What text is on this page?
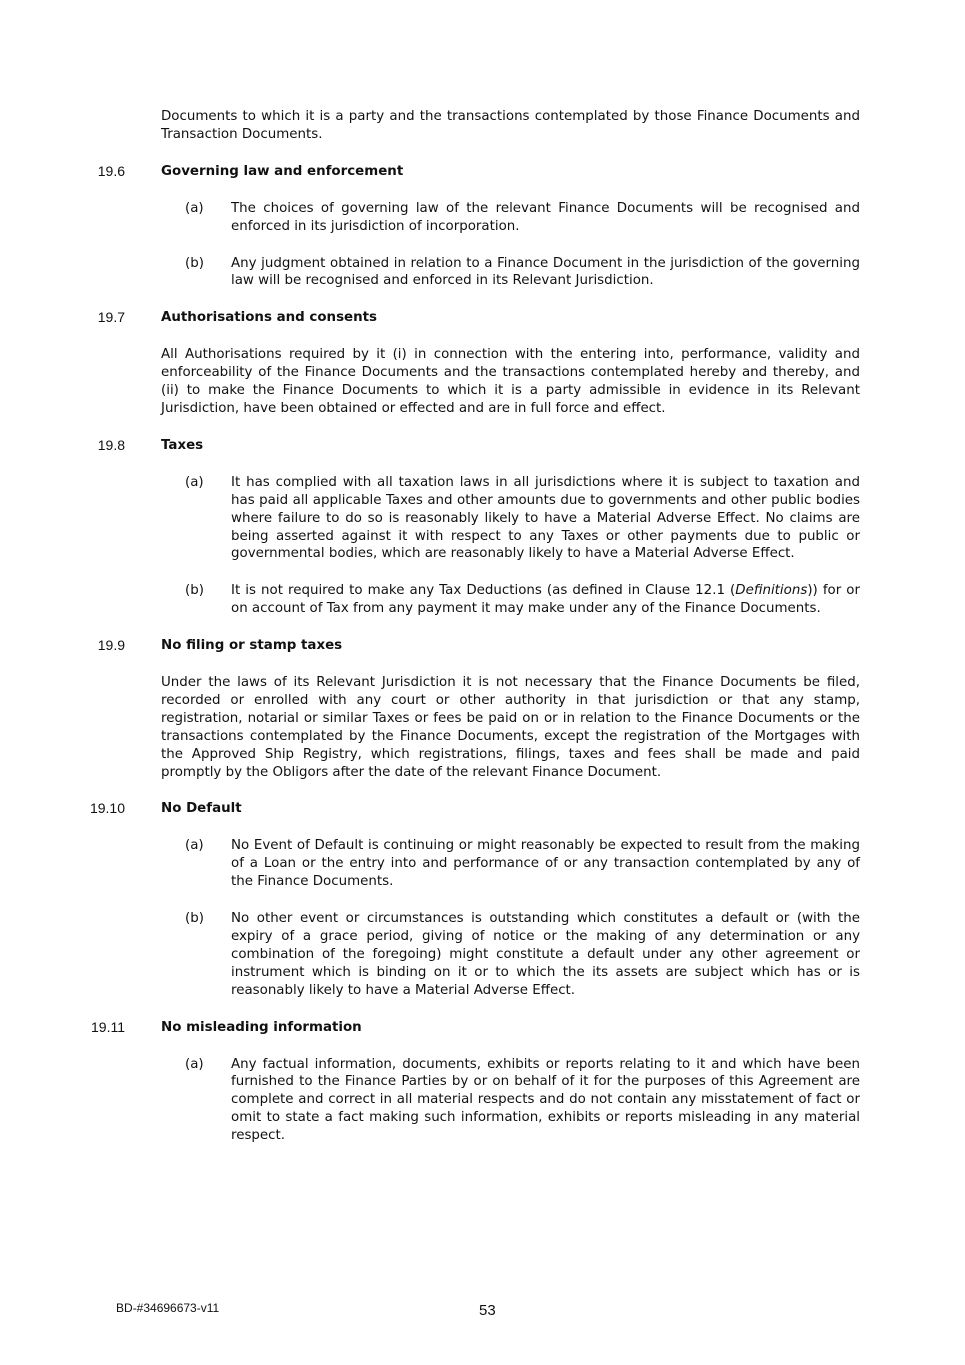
Documents to which it is a party and the transactions contemplated by those Finance Documents and Transaction Documents.
19.6	Governing law and enforcement
(a) The choices of governing law of the relevant Finance Documents will be recognised and enforced in its jurisdiction of incorporation.
(b) Any judgment obtained in relation to a Finance Document in the jurisdiction of the governing law will be recognised and enforced in its Relevant Jurisdiction.
19.7	Authorisations and consents
All Authorisations required by it (i) in connection with the entering into, performance, validity and enforceability of the Finance Documents and the transactions contemplated hereby and thereby, and (ii) to make the Finance Documents to which it is a party admissible in evidence in its Relevant Jurisdiction, have been obtained or effected and are in full force and effect.
19.8	Taxes
(a) It has complied with all taxation laws in all jurisdictions where it is subject to taxation and has paid all applicable Taxes and other amounts due to governments and other public bodies where failure to do so is reasonably likely to have a Material Adverse Effect. No claims are being asserted against it with respect to any Taxes or other payments due to public or governmental bodies, which are reasonably likely to have a Material Adverse Effect.
(b) It is not required to make any Tax Deductions (as defined in Clause 12.1 (Definitions)) for or on account of Tax from any payment it may make under any of the Finance Documents.
19.9	No filing or stamp taxes
Under the laws of its Relevant Jurisdiction it is not necessary that the Finance Documents be filed, recorded or enrolled with any court or other authority in that jurisdiction or that any stamp, registration, notarial or similar Taxes or fees be paid on or in relation to the Finance Documents or the transactions contemplated by the Finance Documents, except the registration of the Mortgages with the Approved Ship Registry, which registrations, filings, taxes and fees shall be made and paid promptly by the Obligors after the date of the relevant Finance Document.
19.10	No Default
(a) No Event of Default is continuing or might reasonably be expected to result from the making of a Loan or the entry into and performance of or any transaction contemplated by any of the Finance Documents.
(b) No other event or circumstances is outstanding which constitutes a default or (with the expiry of a grace period, giving of notice or the making of any determination or any combination of the foregoing) might constitute a default under any other agreement or instrument which is binding on it or to which the its assets are subject which has or is reasonably likely to have a Material Adverse Effect.
19.11	No misleading information
(a) Any factual information, documents, exhibits or reports relating to it and which have been furnished to the Finance Parties by or on behalf of it for the purposes of this Agreement are complete and correct in all material respects and do not contain any misstatement of fact or omit to state a fact making such information, exhibits or reports misleading in any material respect.
BD-#34696673-v11	53
